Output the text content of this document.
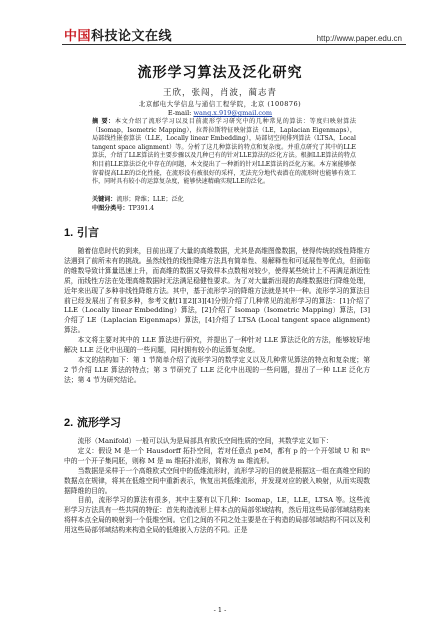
中国 科技论文在线	http://www.paper.edu.cn
流形学习算法及泛化研究
王欣，张闯，肖波，蔺志青
北京邮电大学信息与通信工程学院，北京 (100876)
E-mail: wang.x.919@gmail.com
摘 要：本文介绍了流形学习以及目前流形学习研究中的几种常见的算法：等度归映射算法（Isomap，Isometric Mapping），拉普拉斯特征映射算法（LE，Laplacian Eigenmaps），局部线性嵌套算法（LLE，Locally linear Embedding），局部切空间排列算法（LTSA，Local tangent space alignment）等。分析了这几种算法的特点和复杂度。并重点研究了其中的LLE算法，介绍了LLE算法的主要步骤以及几种已有的针对LLE算法的泛化方法。根据LLE算法的特点和目前LLE算法泛化中存在的问题，本文提出了一种新的针对LLE算法的泛化方案。本方案能够保留着提高LLE的泛化性能，在流形没有被很好的采样，无法充分地代表潜在的流形时也能够有效工作，同时具有较小的运算复杂度，能够快速精确实现LLE的泛化。
关键词：流形；降维；LLE；泛化
中图分类号：TP391.4
1. 引言

随着信息时代的到来，目前出现了大量的高维数据，尤其是高维图像数据，使得传统的线性降维方法遇到了前所未有的挑战。虽然线性的线性降维方法具有简单性、易解释性和可延展性等优点，但面临的维数导致计算量迅速上升，而高维的数据又导致样本点数相对较少，使得某些统计上不再满足渐近性质，而线性方法在处理高维数据时无法满足稳健性要求。为了对大量新出现的高维数据进行降维处理，近年来出现了多种非线性降维方法。其中，基于流形学习的降维方法就是其中一种。流形学习的算法目前已经发展出了有很多种，参考文献[1][2][3][4]分别介绍了几种常见的流形学习的算法：[1]介绍了 LLE（Locally linear Embedding）算法，[2]介绍了 Isomap（Isometric Mapping）算法，[3]介绍了 LE（Laplacian Eigenmaps）算法，[4]介绍了 LTSA (Local tangent space alignment)算法。

本文将主要对其中的 LLE 算法进行研究，并提出了一种针对 LLE 算法泛化的方法，能够较好地解决 LLE 泛化中出现的一些问题，同时拥有较小的运算复杂度。

本文的结构如下：第 1 节简单介绍了流形学习的数学定义以及几种常见算法的特点和复杂度；第 2 节介绍 LLE 算法的特点；第 3 节研究了 LLE 泛化中出现的一些问题，提出了一种 LLE 泛化方法；第 4 节为研究结论。

2. 流形学习

流形（Manifold）一般可以认为是局部具有欧氏空间性质的空间，其数学定义如下：

定义：假设 M 是一个 Hausdorff 拓扑空间，若对任意点 p∈M，都有 p 的一个开邻域 U 和 Rᵐ 中的一个开子集同胚，则称 M 是 m 维拓扑流形，简称为 m 维流形。

当数据是采样于一个高维欧式空间中的低维流形时，流形学习的目的就是根据这一组在高维空间的数据点在规律，将其在低维空间中重新表示，恢复出其低维流形，并发现对应的嵌入映射，从而实现数据降维的目的。

目前，流形学习的算法有很多，其中主要有以下几种：Isomap，LE，LLE，LTSA 等。这些流形学习方法具有一些共同的特征：首先构造流形上样本点的局部邻域结构，然后用这些局部邻域结构来将样本点全局的映射到一个低维空间。它们之间的不同之处主要是在于构造的局部邻域结构不同以及利用这些局部邻域结构来构造全局的低维嵌入方法的不同。正是

- 1 -
